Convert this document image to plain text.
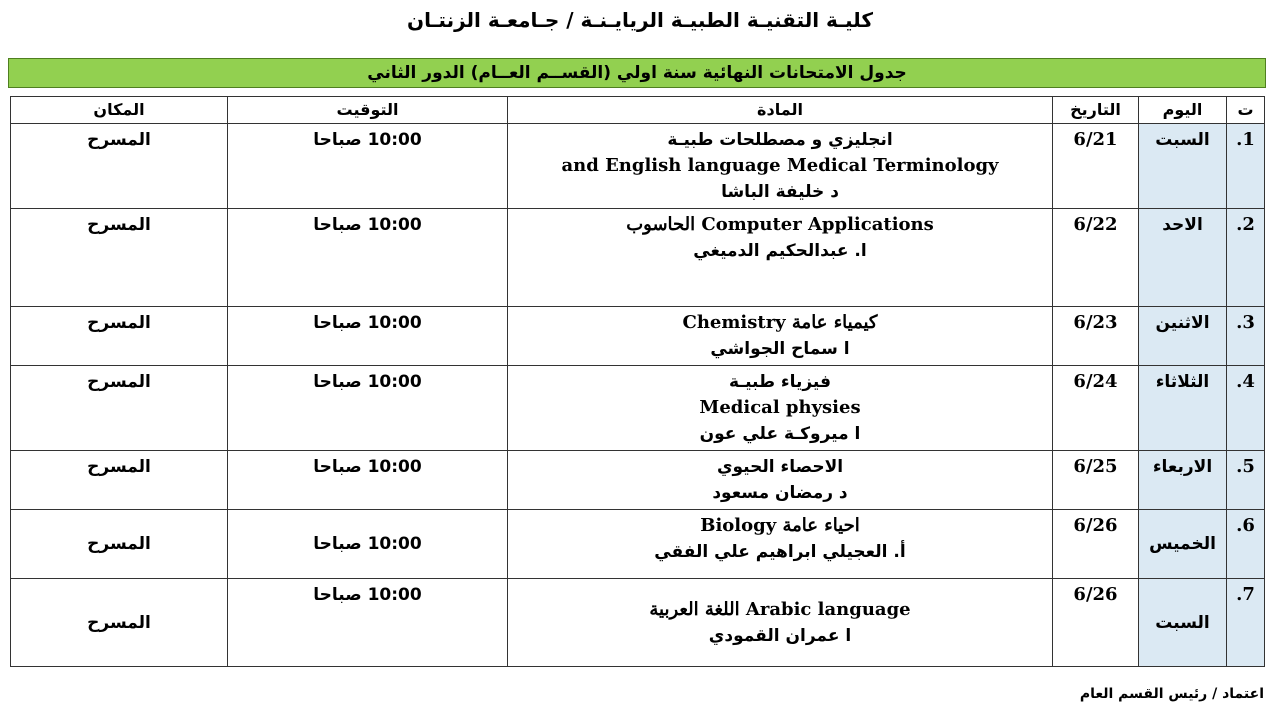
كليـة التقنيـة الطبيـة الريايـنـة / جـامعـة الزنتـان
جدول الامتحانات النهائية سنة اولي (القســم العــام) الدور الثاني
ت	اليوم	التاريخ	المادة	التوقيت	المكان
1.	السبت	6/21	انجليزي و مصطلحات طبيـة
and English language Medical Terminology
د خليفة الباشا	10:00 صباحا	المسرح
2.	الاحد	6/22	Computer Applications الحاسوب
ا. عبدالحكيم الدميغي	10:00 صباحا	المسرح
3.	الاثنين	6/23	كيمياء عامة Chemistry
ا سماح الجواشي	10:00 صباحا	المسرح
4.	الثلاثاء	6/24	فيزياء طبيـة
Medical physies
ا ميروكـة علي عون	10:00 صباحا	المسرح
5.	الاربعاء	6/25	الاحصاء الحيوي
د رمضان مسعود	10:00 صباحا	المسرح
6.	الخميس	6/26	احياء عامة Biology
أ. العجيلي ابراهيم علي الفقي	10:00 صباحا	المسرح
7.	السبت	6/26	Arabic language اللغة العربية
ا عمران القمودي	10:00 صباحا	المسرح
اعتماد / رئيس القسم العام
